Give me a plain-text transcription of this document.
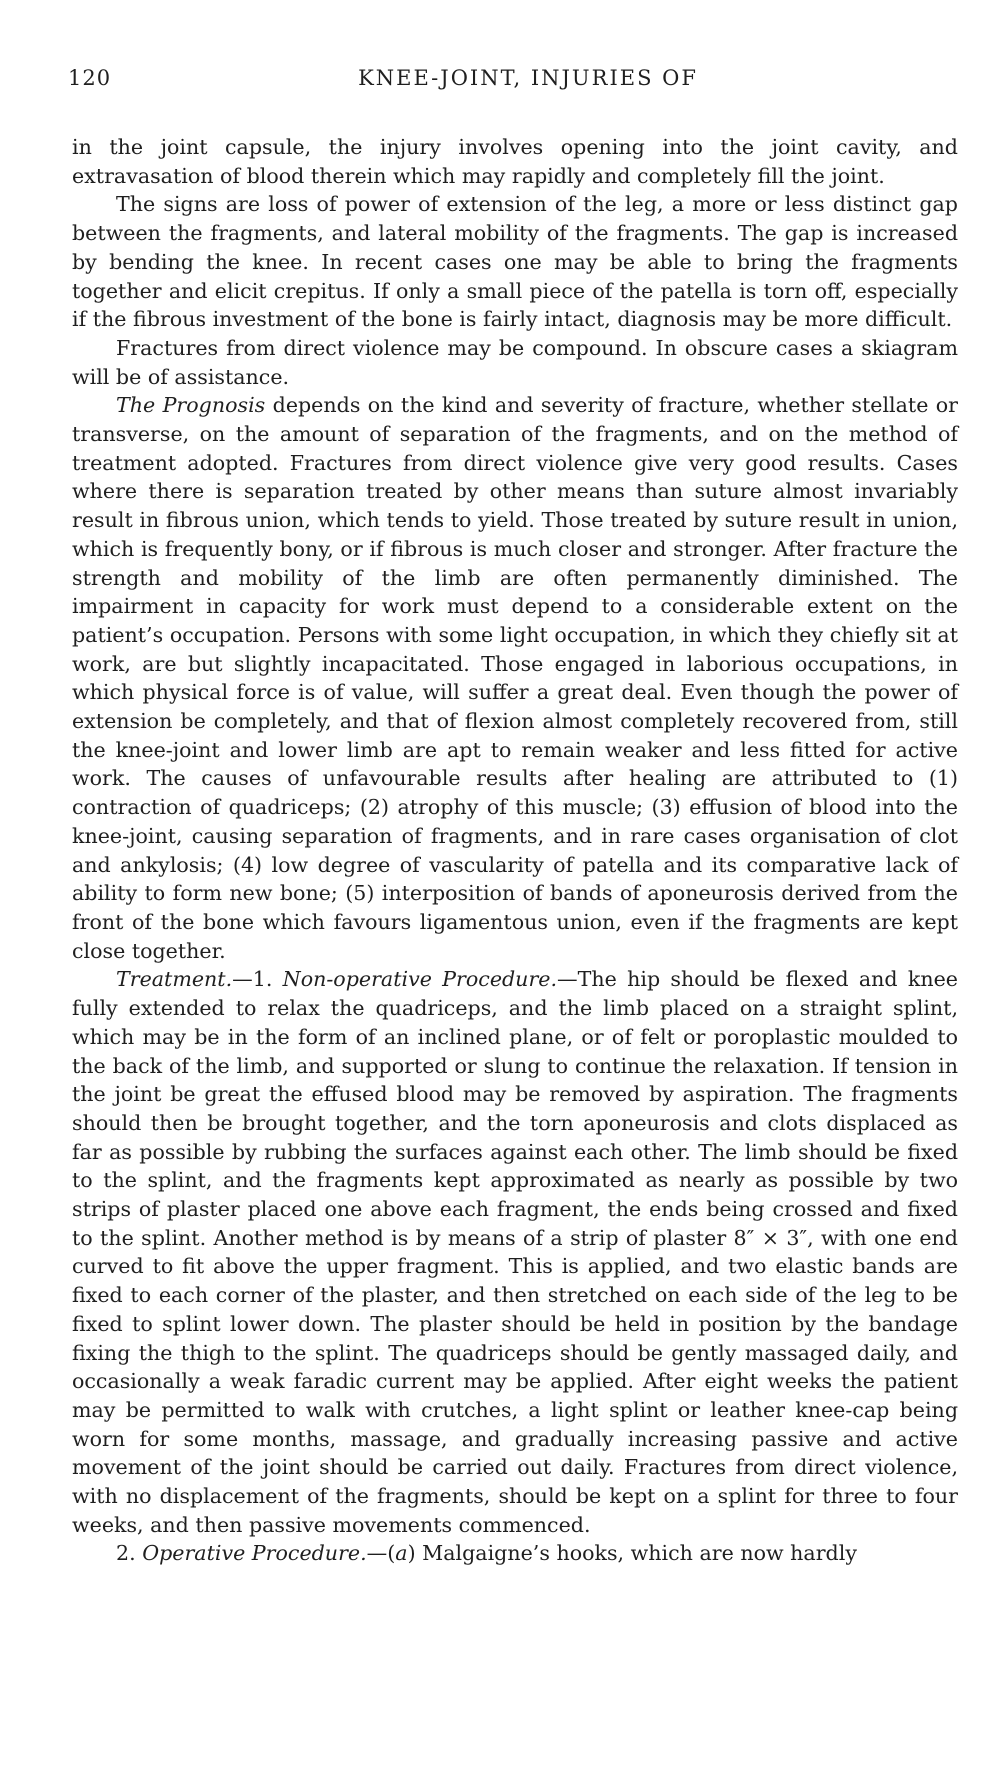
120	KNEE-JOINT, INJURIES OF

in the joint capsule, the injury involves opening into the joint cavity, and extravasation of blood therein which may rapidly and completely fill the joint.

The signs are loss of power of extension of the leg, a more or less distinct gap between the fragments, and lateral mobility of the fragments. The gap is increased by bending the knee. In recent cases one may be able to bring the fragments together and elicit crepitus. If only a small piece of the patella is torn off, especially if the fibrous investment of the bone is fairly intact, diagnosis may be more difficult.

Fractures from direct violence may be compound. In obscure cases a skiagram will be of assistance.

The Prognosis depends on the kind and severity of fracture, whether stellate or transverse, on the amount of separation of the fragments, and on the method of treatment adopted. Fractures from direct violence give very good results. Cases where there is separation treated by other means than suture almost invariably result in fibrous union, which tends to yield. Those treated by suture result in union, which is frequently bony, or if fibrous is much closer and stronger. After fracture the strength and mobility of the limb are often permanently diminished. The impairment in capacity for work must depend to a considerable extent on the patient’s occupation. Persons with some light occupation, in which they chiefly sit at work, are but slightly incapacitated. Those engaged in laborious occupations, in which physical force is of value, will suffer a great deal. Even though the power of extension be completely, and that of flexion almost completely recovered from, still the knee-joint and lower limb are apt to remain weaker and less fitted for active work. The causes of unfavourable results after healing are attributed to (1) contraction of quadriceps; (2) atrophy of this muscle; (3) effusion of blood into the knee-joint, causing separation of fragments, and in rare cases organisation of clot and ankylosis; (4) low degree of vascularity of patella and its comparative lack of ability to form new bone; (5) interposition of bands of aponeurosis derived from the front of the bone which favours ligamentous union, even if the fragments are kept close together.

Treatment.—1. Non-operative Procedure.—The hip should be flexed and knee fully extended to relax the quadriceps, and the limb placed on a straight splint, which may be in the form of an inclined plane, or of felt or poroplastic moulded to the back of the limb, and supported or slung to continue the relaxation. If tension in the joint be great the effused blood may be removed by aspiration. The fragments should then be brought together, and the torn aponeurosis and clots displaced as far as possible by rubbing the surfaces against each other. The limb should be fixed to the splint, and the fragments kept approximated as nearly as possible by two strips of plaster placed one above each fragment, the ends being crossed and fixed to the splint. Another method is by means of a strip of plaster 8″ × 3″, with one end curved to fit above the upper fragment. This is applied, and two elastic bands are fixed to each corner of the plaster, and then stretched on each side of the leg to be fixed to splint lower down. The plaster should be held in position by the bandage fixing the thigh to the splint. The quadriceps should be gently massaged daily, and occasionally a weak faradic current may be applied. After eight weeks the patient may be permitted to walk with crutches, a light splint or leather knee-cap being worn for some months, massage, and gradually increasing passive and active movement of the joint should be carried out daily. Fractures from direct violence, with no displacement of the fragments, should be kept on a splint for three to four weeks, and then passive movements commenced.

2. Operative Procedure.—(a) Malgaigne’s hooks, which are now hardly
